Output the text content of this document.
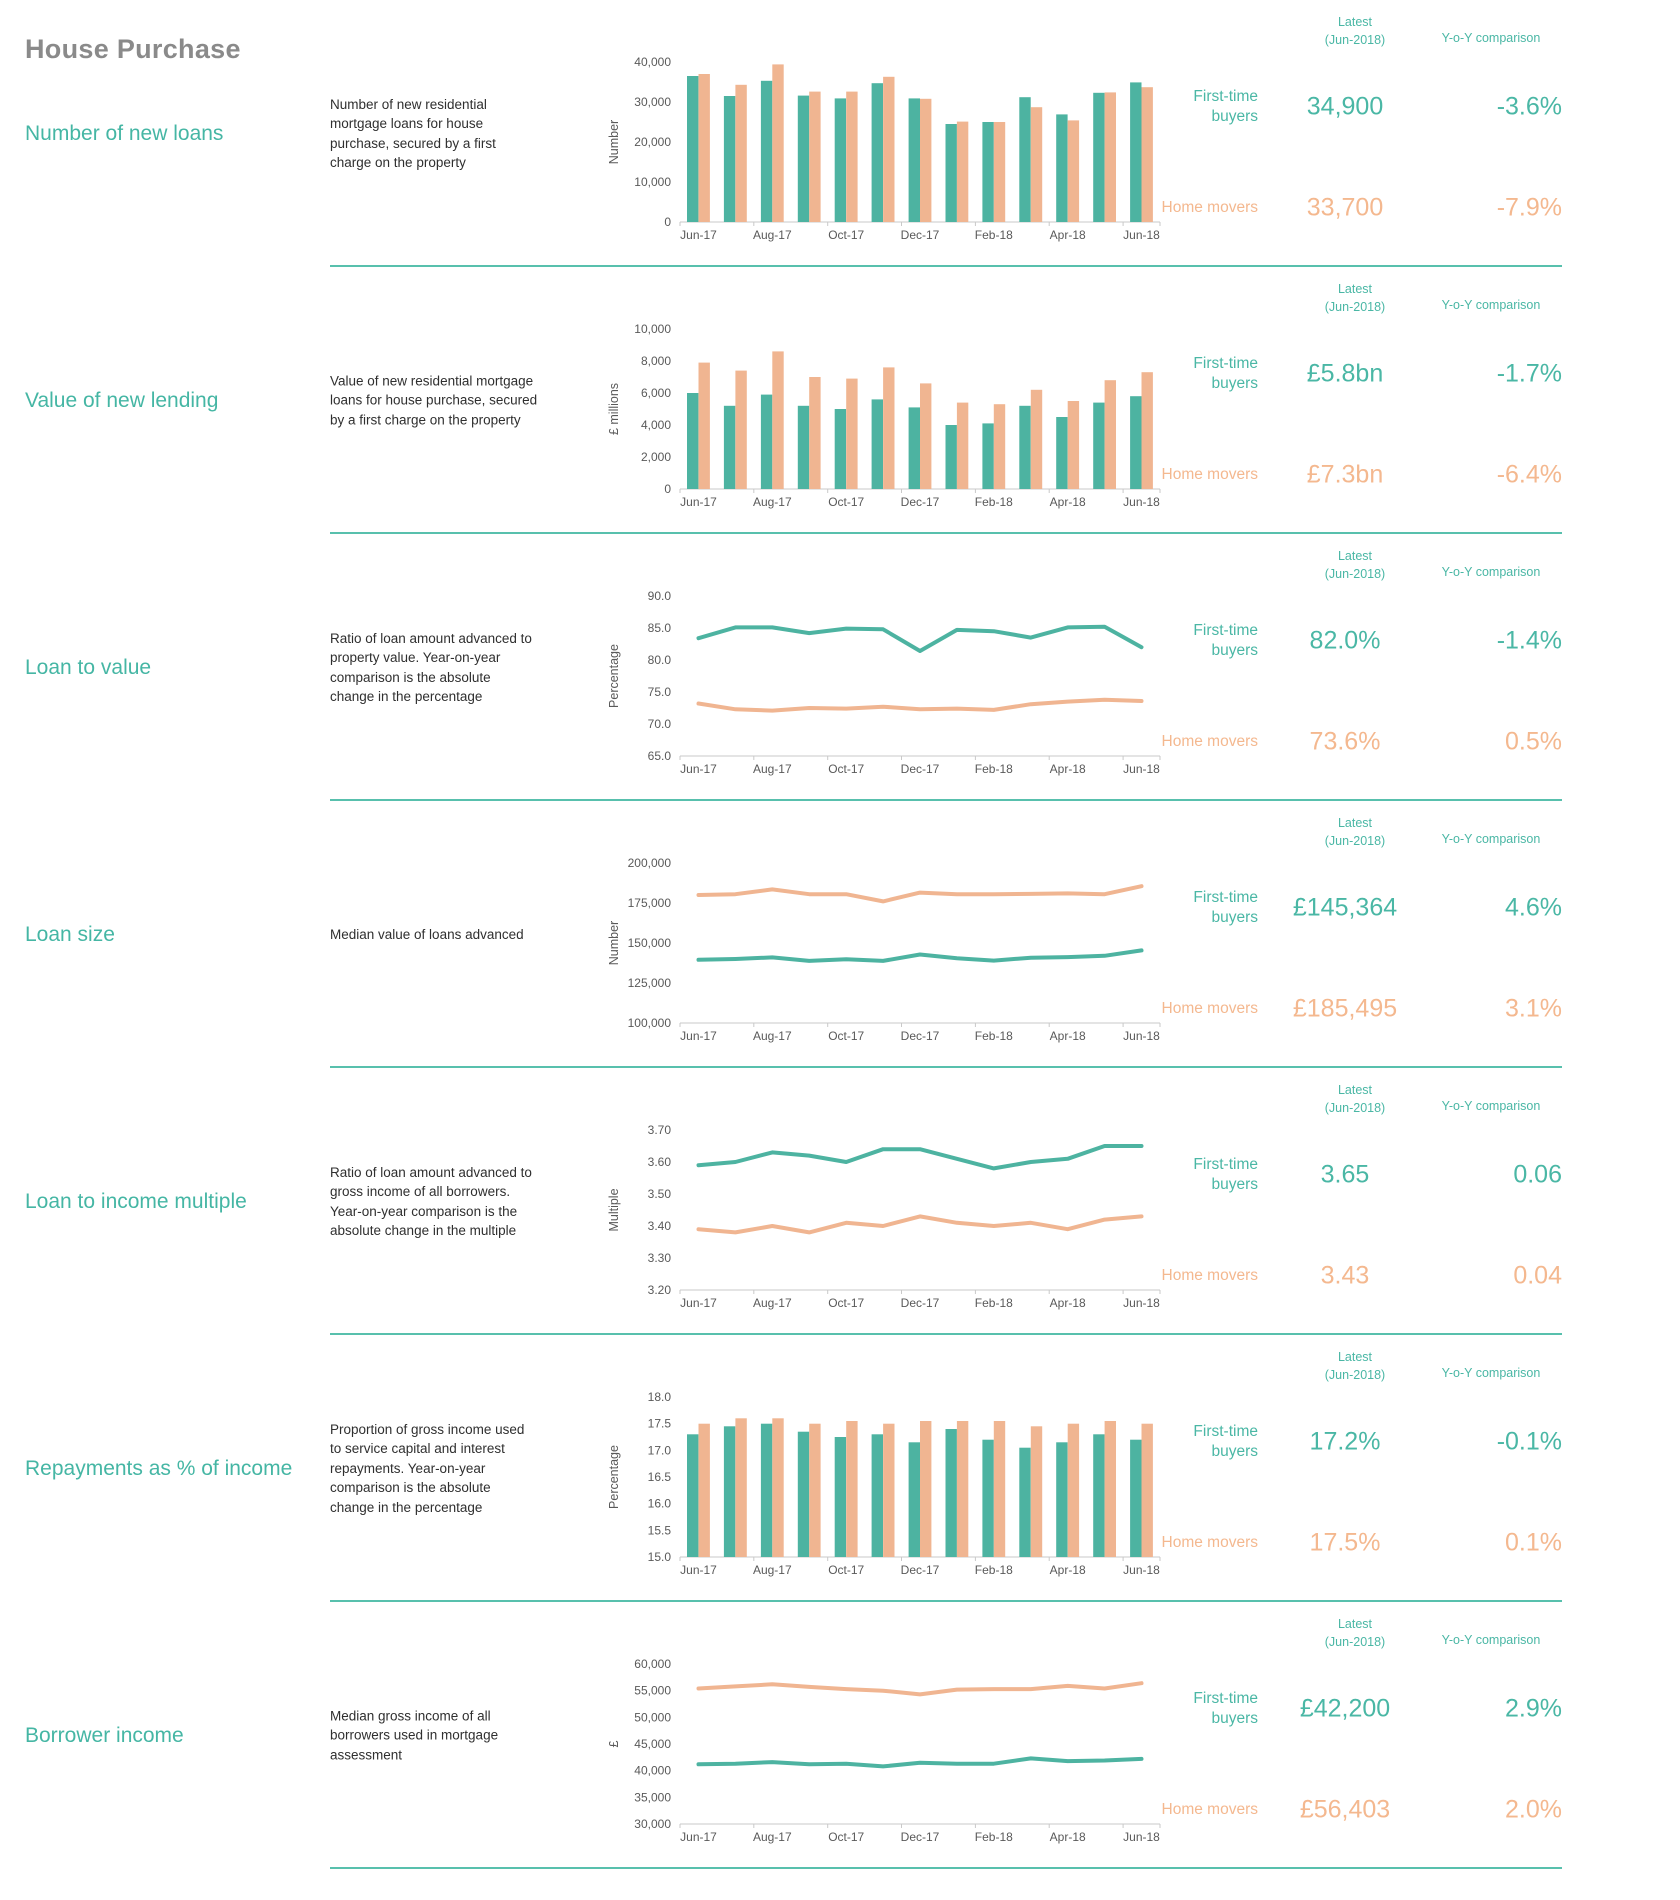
House Purchase
Number of new loans

Number of new residential mortgage loans for house purchase, secured by a first charge on the property

0
10,000
20,000
30,000
40,000
Number
Jun-17	Aug-17	Oct-17	Dec-17	Feb-18	Apr-18	Jun-18
Latest
(Jun-2018)	Y-o-Y comparison
First-time
buyers	34,900	-3.6%
Home movers	33,700	-7.9%
Value of new lending

Value of new residential mortgage loans for house purchase, secured by a first charge on the property

0
2,000
4,000
6,000
8,000
10,000
£ millions
Jun-17	Aug-17	Oct-17	Dec-17	Feb-18	Apr-18	Jun-18
Latest
(Jun-2018)	Y-o-Y comparison
First-time
buyers	£5.8bn	-1.7%
Home movers	£7.3bn	-6.4%
Loan to value

Ratio of loan amount advanced to property value. Year-on-year comparison is the absolute change in the percentage

65.0
70.0
75.0
80.0
85.0
90.0
Percentage
Jun-17	Aug-17	Oct-17	Dec-17	Feb-18	Apr-18	Jun-18
Latest
(Jun-2018)	Y-o-Y comparison
First-time
buyers	82.0%	-1.4%
Home movers	73.6%	0.5%
Loan size	Median value of loans advanced

100,000
125,000
150,000
175,000
200,000
Number
Jun-17	Aug-17	Oct-17	Dec-17	Feb-18	Apr-18	Jun-18
Latest
(Jun-2018)	Y-o-Y comparison
First-time
buyers	£145,364	4.6%
Home movers	£185,495	3.1%
Loan to income multiple

Ratio of loan amount advanced to gross income of all borrowers. Year-on-year comparison is the absolute change in the multiple

3.20
3.30
3.40
3.50
3.60
3.70
Multiple
Jun-17	Aug-17	Oct-17	Dec-17	Feb-18	Apr-18	Jun-18
Latest
(Jun-2018)	Y-o-Y comparison
First-time
buyers	3.65	0.06
Home movers	3.43	0.04
Repayments as % of income

Proportion of gross income used to service capital and interest repayments. Year-on-year comparison is the absolute change in the percentage

15.0
15.5
16.0
16.5
17.0
17.5
18.0
Percentage
Jun-17	Aug-17	Oct-17	Dec-17	Feb-18	Apr-18	Jun-18
Latest
(Jun-2018)	Y-o-Y comparison
First-time
buyers	17.2%	-0.1%
Home movers	17.5%	0.1%
Borrower income

Median gross income of all borrowers used in mortgage assessment

30,000
35,000
40,000
45,000
50,000
55,000
60,000
£
Jun-17	Aug-17	Oct-17	Dec-17	Feb-18	Apr-18	Jun-18
Latest
(Jun-2018)	Y-o-Y comparison
First-time
buyers	£42,200	2.9%
Home movers	£56,403	2.0%
